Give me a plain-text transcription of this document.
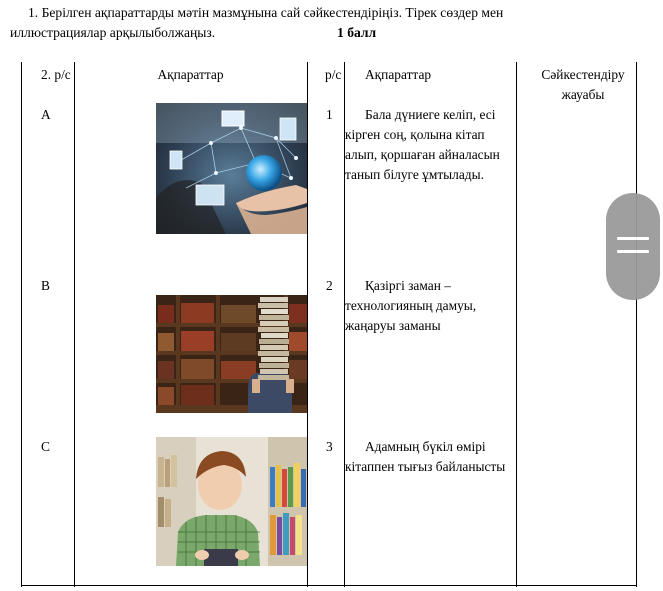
1. Берілген ақпараттарды мәтін мазмұнына сай сәйкестендіріңіз. Тірек сөздер мен
иллюстрациялар арқылыболжаңыз.	1 балл
2. р/с	Ақпараттар	р/с Ақпараттар	Сәйкестендіру жауабы
A	1	Бала дүниеге келіп, есі кірген соң, қолына кітап алып, қоршаған айналасын танып білуге ұмтылады.
B	2	Қазіргі заман – технологияның дамуы, жаңаруы заманы
C	3	Адамның бүкіл өмірі кітаппен тығыз байланысты
